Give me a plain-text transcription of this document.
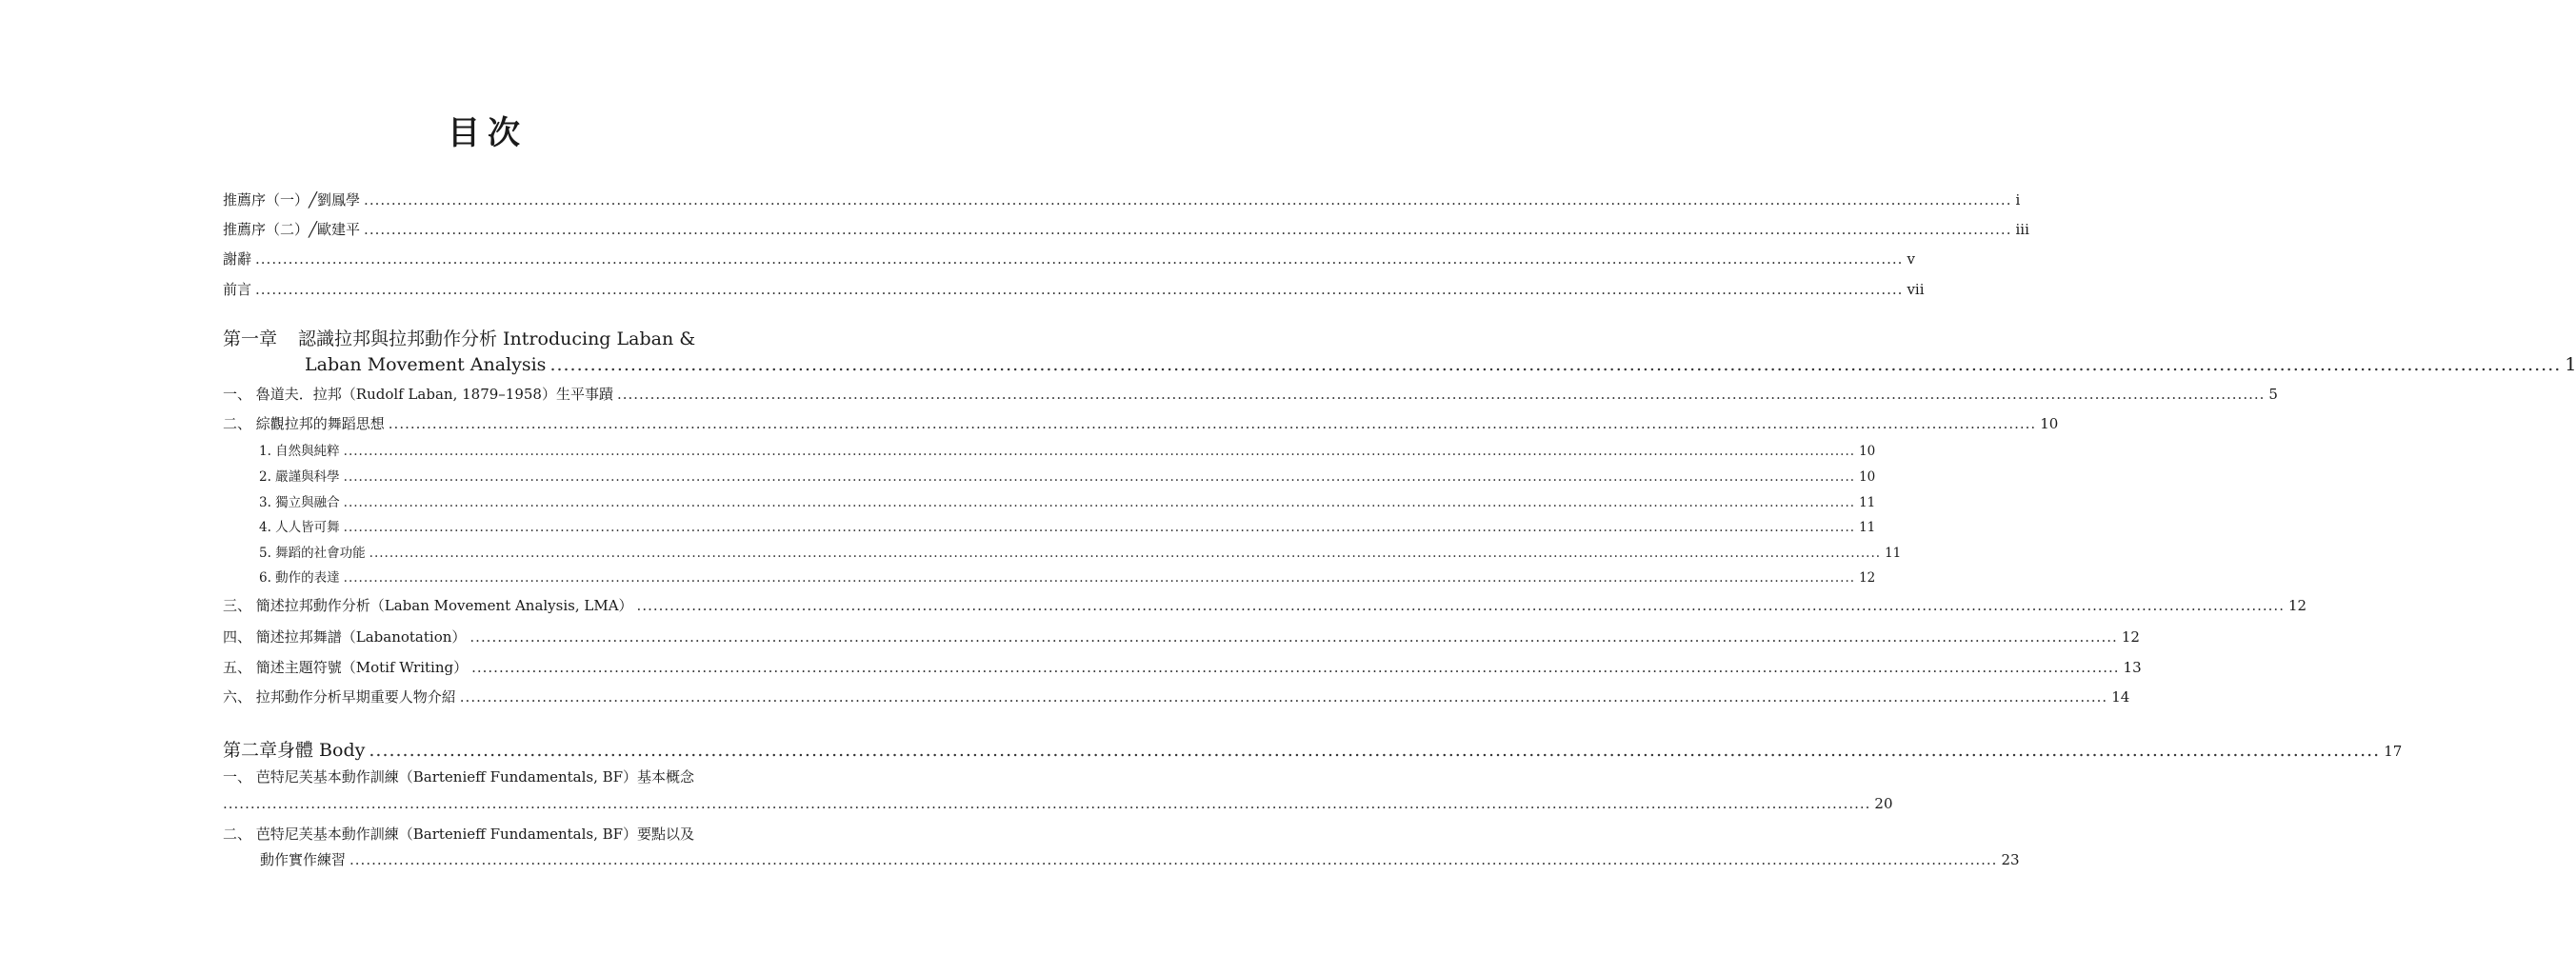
目次
推薦序（一）╱劉鳳學 ............................................................................................................................................................................................................................................................................................................ i
推薦序（二）╱歐建平 ............................................................................................................................................................................................................................................................................................................ iii
謝辭 ............................................................................................................................................................................................................................................................................................................ v
前言 ............................................................................................................................................................................................................................................................................................................ vii
第一章 認識拉邦與拉邦動作分析 Introducing Laban &
Laban Movement Analysis ............................................................................................................................................................................................................................................................................................................ 1
一、 魯道夫．拉邦（Rudolf Laban, 1879–1958）生平事蹟 ............................................................................................................................................................................................................................................................................................................ 5
二、 綜觀拉邦的舞蹈思想 ............................................................................................................................................................................................................................................................................................................ 10
1. 自然與純粹 ............................................................................................................................................................................................................................................................................................................ 10
2. 嚴謹與科學 ............................................................................................................................................................................................................................................................................................................ 10
3. 獨立與融合 ............................................................................................................................................................................................................................................................................................................ 11
4. 人人皆可舞 ............................................................................................................................................................................................................................................................................................................ 11
5. 舞蹈的社會功能 ............................................................................................................................................................................................................................................................................................................ 11
6. 動作的表達 ............................................................................................................................................................................................................................................................................................................ 12
三、 簡述拉邦動作分析（Laban Movement Analysis, LMA） ............................................................................................................................................................................................................................................................................................................ 12
四、 簡述拉邦舞譜（Labanotation） ............................................................................................................................................................................................................................................................................................................ 12
五、 簡述主題符號（Motif Writing） ............................................................................................................................................................................................................................................................................................................ 13
六、 拉邦動作分析早期重要人物介紹 ............................................................................................................................................................................................................................................................................................................ 14
第二章 身體 Body ............................................................................................................................................................................................................................................................................................................ 17
一、 芭特尼芙基本動作訓練（Bartenieff Fundamentals, BF）基本概念
............................................................................................................................................................................................................................................................................................................ 20
二、 芭特尼芙基本動作訓練（Bartenieff Fundamentals, BF）要點以及
動作實作練習 ............................................................................................................................................................................................................................................................................................................ 23
